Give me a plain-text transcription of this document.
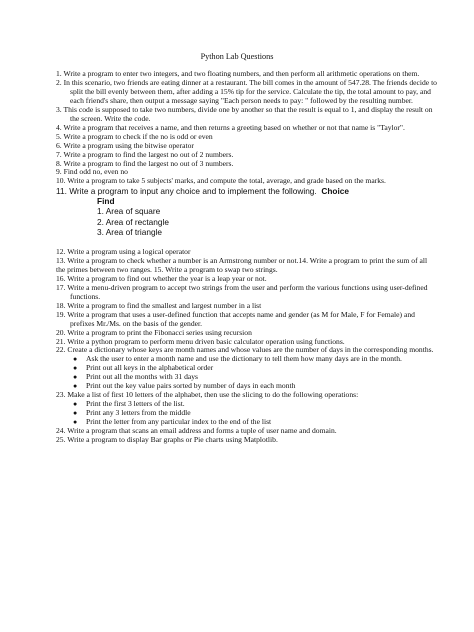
Python Lab Questions

1. Write a program to enter two integers, and two floating numbers, and then perform all arithmetic operations on them.

2. In this scenario, two friends are eating dinner at a restaurant. The bill comes in the amount of 547.28. The friends decide to split the bill evenly between them, after adding a 15% tip for the service. Calculate the tip, the total amount to pay, and each friend's share, then output a message saying "Each person needs to pay: " followed by the resulting number.

3. This code is supposed to take two numbers, divide one by another so that the result is equal to 1, and display the result on the screen. Write the code.

4. Write a program that receives a name, and then returns a greeting based on whether or not that name is "Taylor".

5. Write a program to check if the no is odd or even

6. Write a program using the bitwise operator

7. Write a program to find the largest no out of 2 numbers.

8. Write a program to find the largest no out of 3 numbers.

9. Find odd no, even no

10. Write a program to take 5 subjects' marks, and compute the total, average, and grade based on the marks.

11. Write a program to input any choice and to implement the following. Choice

Find
1. Area of square
2. Area of rectangle
3. Area of triangle

12. Write a program using a logical operator

13. Write a program to check whether a number is an Armstrong number or not.14. Write a program to print the sum of all the primes between two ranges. 15. Write a program to swap two strings.

16. Write a program to find out whether the year is a leap year or not.

17. Write a menu-driven program to accept two strings from the user and perform the various functions using user-defined functions.

18. Write a program to find the smallest and largest number in a list

19. Write a program that uses a user-defined function that accepts name and gender (as M for Male, F for Female) and prefixes Mr./Ms. on the basis of the gender.

20. Write a program to print the Fibonacci series using recursion

21. Write a python program to perform menu driven basic calculator operation using functions.

22. Create a dictionary whose keys are month names and whose values are the number of days in the corresponding months.

● Ask the user to enter a month name and use the dictionary to tell them how many days are in the month.
● Print out all keys in the alphabetical order
● Print out all the months with 31 days
● Print out the key value pairs sorted by number of days in each month

23. Make a list of first 10 letters of the alphabet, then use the slicing to do the following operations:

● Print the first 3 letters of the list.
● Print any 3 letters from the middle
● Print the letter from any particular index to the end of the list

24. Write a program that scans an email address and forms a tuple of user name and domain.

25. Write a program to display Bar graphs or Pie charts using Matplotlib.
